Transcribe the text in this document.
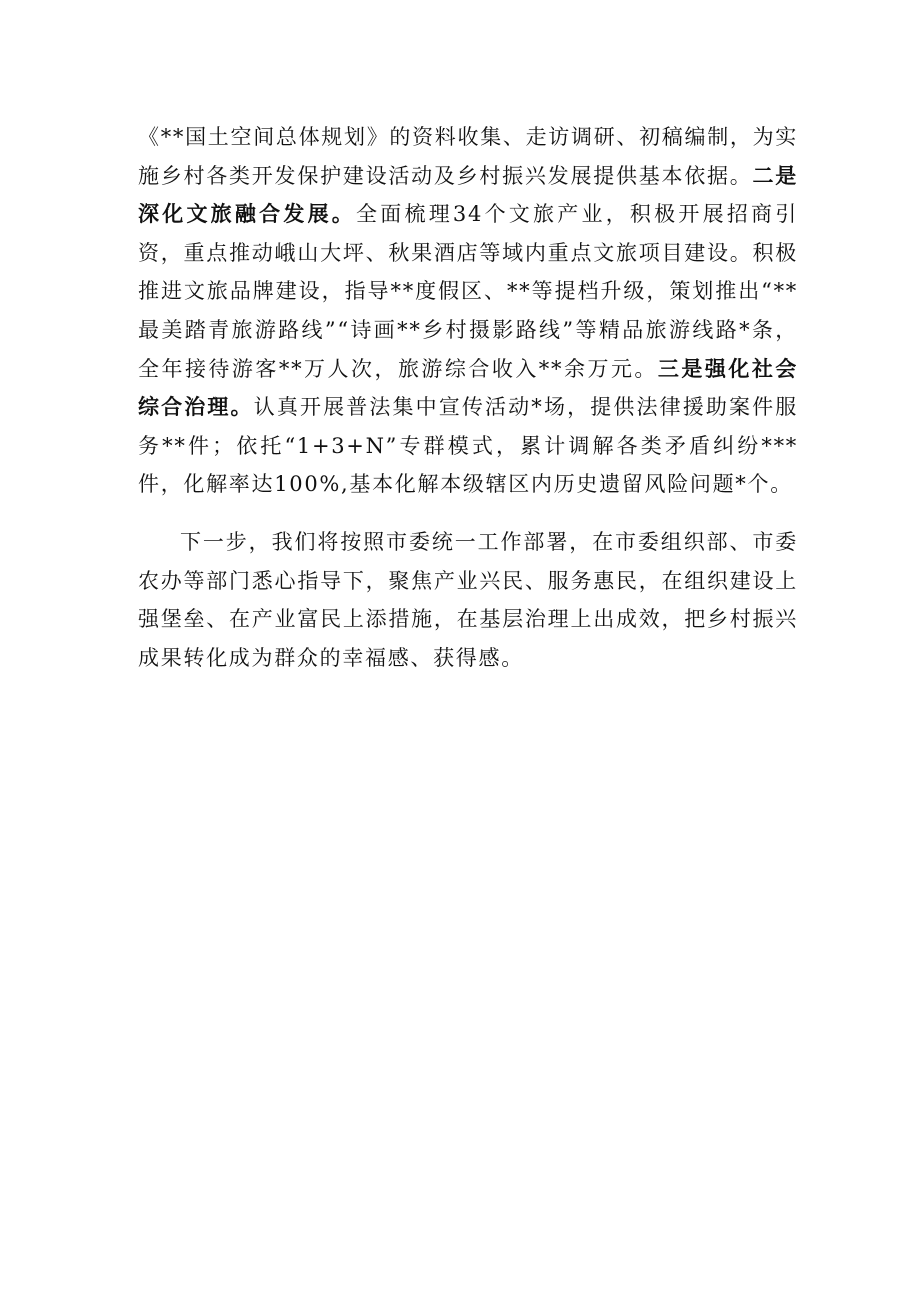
《**国土空间总体规划》的资料收集、走访调研、初稿编制，为实施乡村各类开发保护建设活动及乡村振兴发展提供基本依据。二是深化文旅融合发展。全面梳理34个文旅产业，积极开展招商引资，重点推动峨山大坪、秋果酒店等域内重点文旅项目建设。积极推进文旅品牌建设，指导**度假区、**等提档升级，策划推出“**最美踏青旅游路线”“诗画**乡村摄影路线”等精品旅游线路*条，全年接待游客**万人次，旅游综合收入**余万元。三是强化社会综合治理。认真开展普法集中宣传活动*场，提供法律援助案件服务**件；依托“1+3+N”专群模式，累计调解各类矛盾纠纷***件，化解率达100%,基本化解本级辖区内历史遗留风险问题*个。

下一步，我们将按照市委统一工作部署，在市委组织部、市委农办等部门悉心指导下，聚焦产业兴民、服务惠民，在组织建设上强堡垒、在产业富民上添措施，在基层治理上出成效，把乡村振兴成果转化成为群众的幸福感、获得感。
